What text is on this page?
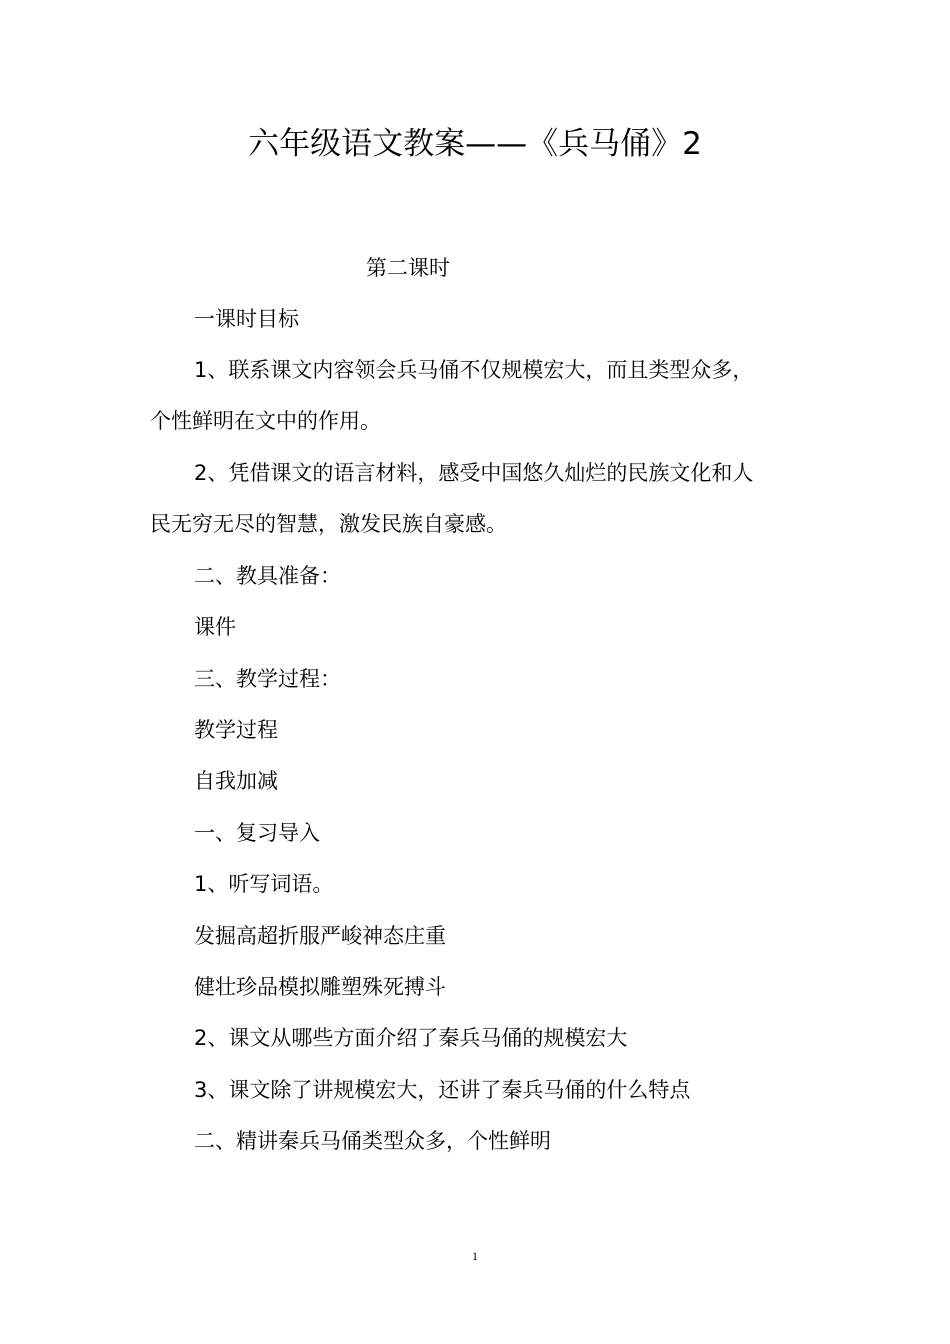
六年级语文教案——《兵马俑》2
第二课时
一课时目标
1、联系课文内容领会兵马俑不仅规模宏大，而且类型众多，
个性鲜明在文中的作用。
2、凭借课文的语言材料，感受中国悠久灿烂的民族文化和人
民无穷无尽的智慧，激发民族自豪感。
二、教具准备：
课件
三、教学过程：
教学过程
自我加减
一、复习导入
1、听写词语。
发掘高超折服严峻神态庄重
健壮珍品模拟雕塑殊死搏斗
2、课文从哪些方面介绍了秦兵马俑的规模宏大
3、课文除了讲规模宏大，还讲了秦兵马俑的什么特点
二、精讲秦兵马俑类型众多，个性鲜明
1
